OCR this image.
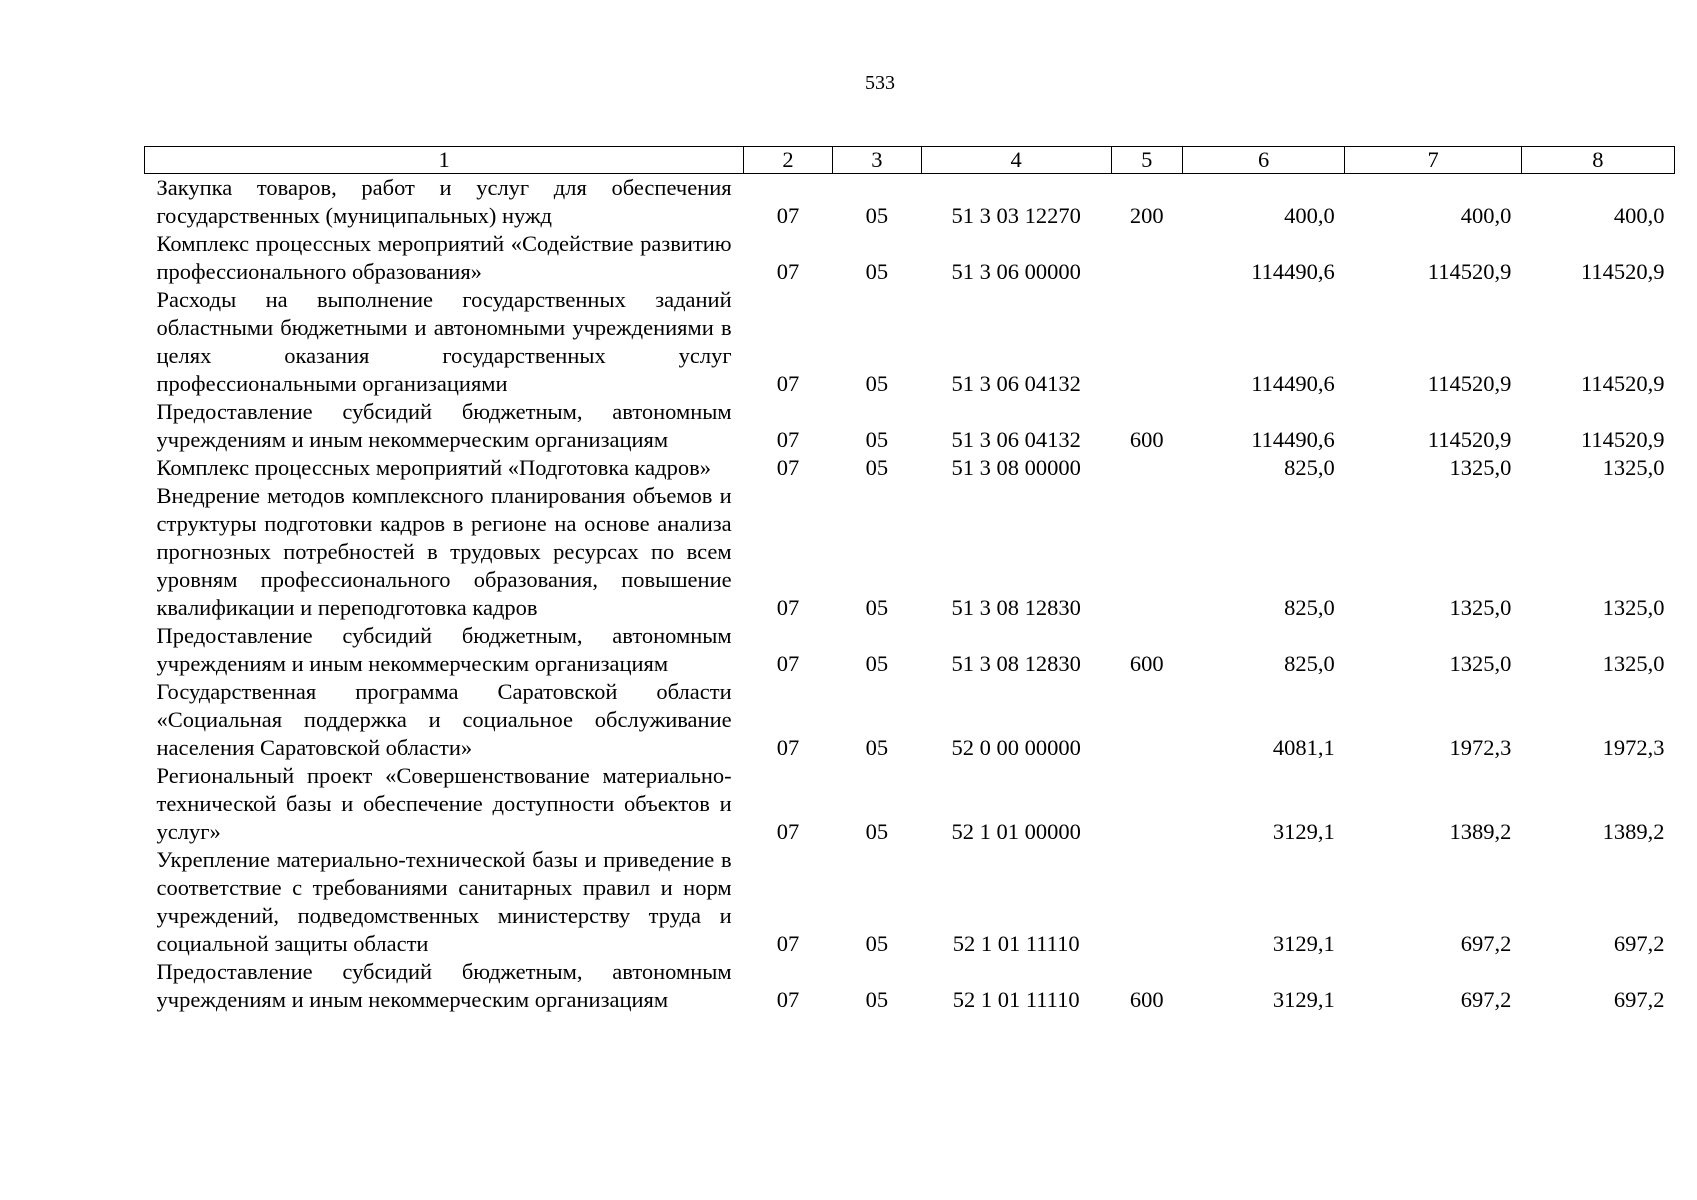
533
1	2	3	4	5	6	7	8
Закупка товаров, работ и услуг для обеспечения государственных (муниципальных) нужд	07	05	51 3 03 12270	200	400,0	400,0	400,0
Комплекс процессных мероприятий «Содействие развитию профессионального образования»	07	05	51 3 06 00000		114490,6	114520,9	114520,9
Расходы на выполнение государственных заданий областными бюджетными и автономными учреждениями в целях оказания государственных услуг профессиональными организациями	07	05	51 3 06 04132		114490,6	114520,9	114520,9
Предоставление субсидий бюджетным, автономным учреждениям и иным некоммерческим организациям	07	05	51 3 06 04132	600	114490,6	114520,9	114520,9
Комплекс процессных мероприятий «Подготовка кадров»	07	05	51 3 08 00000		825,0	1325,0	1325,0
Внедрение методов комплексного планирования объемов и структуры подготовки кадров в регионе на основе анализа прогнозных потребностей в трудовых ресурсах по всем уровням профессионального образования, повышение квалификации и переподготовка кадров	07	05	51 3 08 12830		825,0	1325,0	1325,0
Предоставление субсидий бюджетным, автономным учреждениям и иным некоммерческим организациям	07	05	51 3 08 12830	600	825,0	1325,0	1325,0
Государственная программа Саратовской области «Социальная поддержка и социальное обслуживание населения Саратовской области»	07	05	52 0 00 00000		4081,1	1972,3	1972,3
Региональный проект «Совершенствование материально-технической базы и обеспечение доступности объектов и услуг»	07	05	52 1 01 00000		3129,1	1389,2	1389,2
Укрепление материально-технической базы и приведение в соответствие с требованиями санитарных правил и норм учреждений, подведомственных министерству труда и социальной защиты области	07	05	52 1 01 11110		3129,1	697,2	697,2
Предоставление субсидий бюджетным, автономным учреждениям и иным некоммерческим организациям	07	05	52 1 01 11110	600	3129,1	697,2	697,2
